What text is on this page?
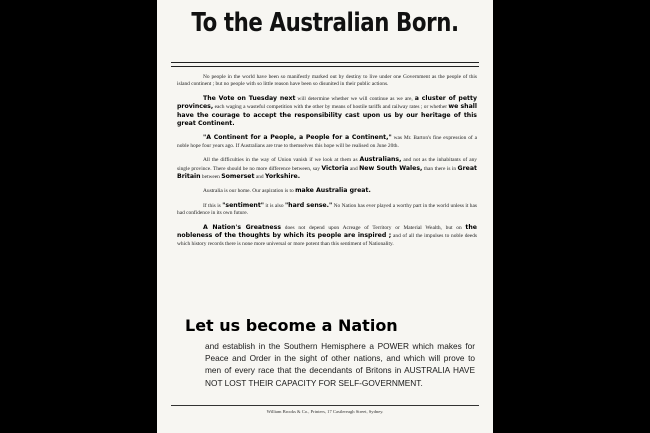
To the Australian Born.

No people in the world have been so manifestly marked out by destiny to live under one Government as the people of this island continent ; but no people with so little reason have been so disunited in their public actions.

The Vote on Tuesday next will determine whether we will continue as we are, a cluster of petty provinces, each waging a wasteful competition with the other by means of hostile tariffs and railway rates ; or whether we shall have the courage to accept the responsibility cast upon us by our heritage of this great Continent.

"A Continent for a People, a People for a Continent," was Mr. Barton's fine expression of a noble hope four years ago. If Australians are true to themselves this hope will be realised on June 20th.

All the difficulties in the way of Union vanish if we look at them as Australians, and not as the inhabitants of any single province. There should be no more difference between, say Victoria and New South Wales, than there is in Great Britain between Somerset and Yorkshire.

Australia is our home. Our aspiration is to make Australia great.

If this is "sentiment" it is also "hard sense." No Nation has ever played a worthy part in the world unless it has had confidence in its own future.

A Nation's Greatness does not depend upon Acreage of Territory or Material Wealth, but on the nobleness of the thoughts by which its people are inspired ; and of all the impulses to noble deeds which history records there is none more universal or more potent than this sentiment of Nationality.

Let us become a Nation
and establish in the Southern Hemisphere a POWER which makes for Peace and Order in the sight of other nations, and which will prove to men of every race that the decendants of Britons in AUSTRALIA HAVE NOT LOST THEIR CAPACITY FOR SELF-GOVERNMENT.
William Brooks & Co., Printers, 17 Castlereagh Street, Sydney.
